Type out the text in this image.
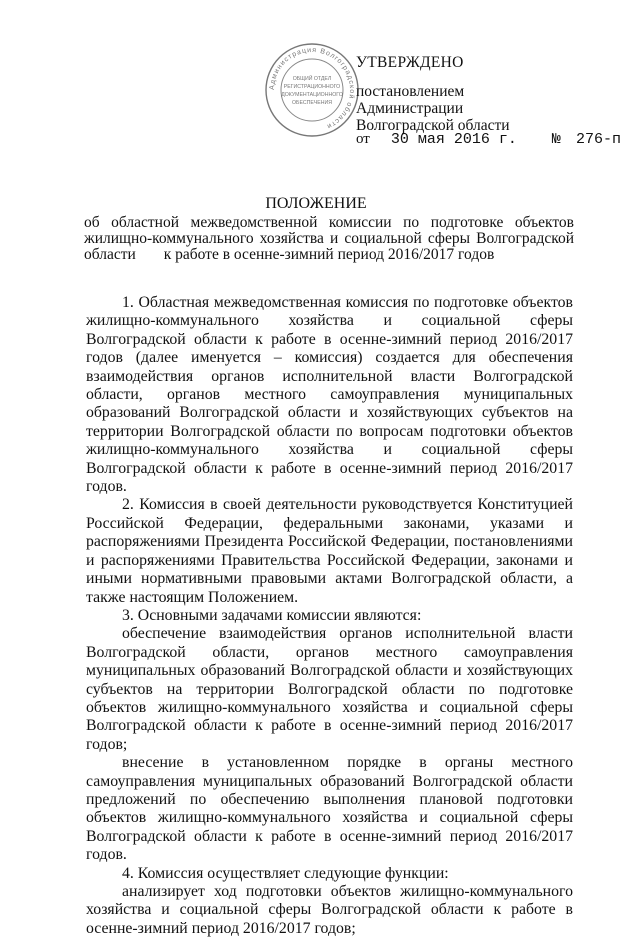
Администрация Волгоградской области
ОБЩИЙ ОТДЕЛ
РЕГИСТРАЦИОННОГО
ДОКУМЕНТАЦИОННОГО
ОБЕСПЕЧЕНИЯ
УТВЕРЖДЕНО
постановлением
Администрации
Волгоградской области
от 30 мая 2016 г. № 276-п
ПОЛОЖЕНИЕ
об областной межведомственной комиссии по подготовке объектов
жилищно-коммунального хозяйства и социальной сферы Волгоградской области	к работе в осенне-зимний период 2016/2017 годов

1. Областная межведомственная комиссия по подготовке объектов жилищно-коммунального хозяйства и социальной сферы Волгоградской области к работе в осенне-зимний период 2016/2017 годов (далее именуется – комиссия) создается для обеспечения взаимодействия органов исполнительной власти Волгоградской области, органов местного самоуправления муниципальных образований Волгоградской области и хозяйствующих субъектов на территории Волгоградской области по вопросам подготовки объектов жилищно-коммунального хозяйства и социальной сферы Волгоградской области к работе в осенне-зимний период 2016/2017 годов.

2. Комиссия в своей деятельности руководствуется Конституцией Российской Федерации, федеральными законами, указами и распоряжениями Президента Российской Федерации, постановлениями и распоряжениями Правительства Российской Федерации, законами и иными нормативными правовыми актами Волгоградской области, а также настоящим Положением.

3. Основными задачами комиссии являются:

обеспечение взаимодействия органов исполнительной власти Волгоградской области, органов местного самоуправления муниципальных образований Волгоградской области и хозяйствующих субъектов на территории Волгоградской области по подготовке объектов жилищно-коммунального хозяйства и социальной сферы Волгоградской области к работе в осенне-зимний период 2016/2017 годов;

внесение в установленном порядке в органы местного самоуправления муниципальных образований Волгоградской области предложений по обеспечению выполнения плановой подготовки объектов жилищно-коммунального хозяйства и социальной сферы Волгоградской области к работе в осенне-зимний период 2016/2017 годов.

4. Комиссия осуществляет следующие функции:

анализирует ход подготовки объектов жилищно-коммунального хозяйства и социальной сферы Волгоградской области к работе в осенне-зимний период 2016/2017 годов;
